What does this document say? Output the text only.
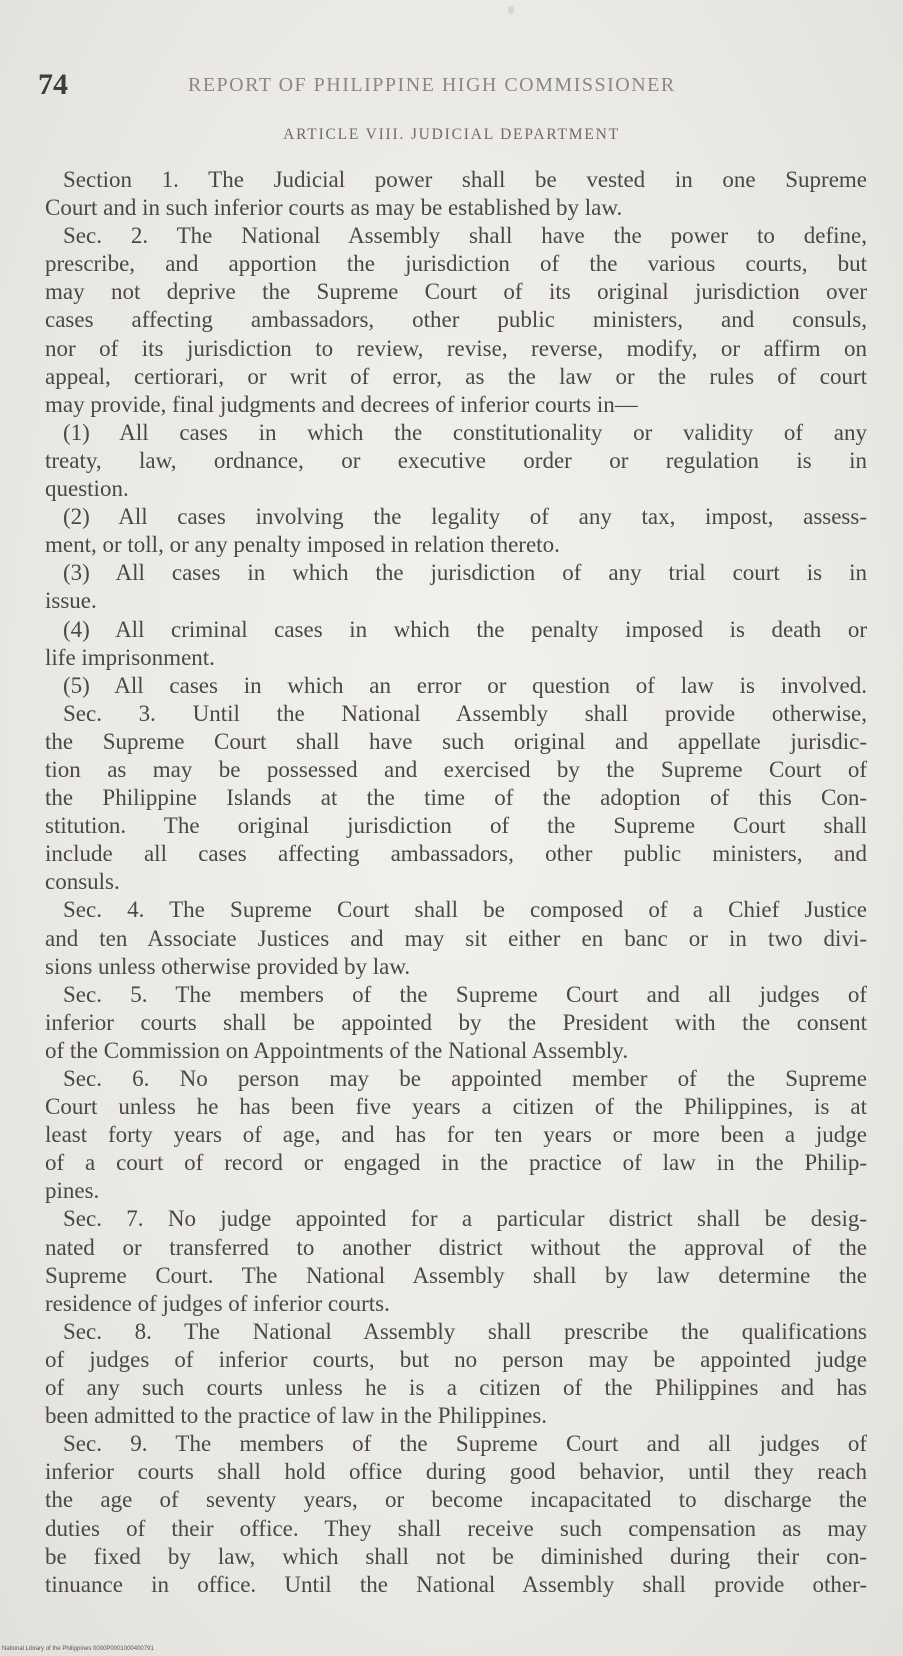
74	REPORT OF PHILIPPINE HIGH COMMISSIONER
ARTICLE VIII. JUDICIAL DEPARTMENT
Section 1. The Judicial power shall be vested in one Supreme
Court and in such inferior courts as may be established by law.
Sec. 2. The National Assembly shall have the power to define,
prescribe, and apportion the jurisdiction of the various courts, but
may not deprive the Supreme Court of its original jurisdiction over
cases affecting ambassadors, other public ministers, and consuls,
nor of its jurisdiction to review, revise, reverse, modify, or affirm on
appeal, certiorari, or writ of error, as the law or the rules of court
may provide, final judgments and decrees of inferior courts in—
(1) All cases in which the constitutionality or validity of any
treaty, law, ordnance, or executive order or regulation is in
question.
(2) All cases involving the legality of any tax, impost, assess-
ment, or toll, or any penalty imposed in relation thereto.
(3) All cases in which the jurisdiction of any trial court is in
issue.
(4) All criminal cases in which the penalty imposed is death or
life imprisonment.
(5) All cases in which an error or question of law is involved.
Sec. 3. Until the National Assembly shall provide otherwise,
the Supreme Court shall have such original and appellate jurisdic-
tion as may be possessed and exercised by the Supreme Court of
the Philippine Islands at the time of the adoption of this Con-
stitution. The original jurisdiction of the Supreme Court shall
include all cases affecting ambassadors, other public ministers, and
consuls.
Sec. 4. The Supreme Court shall be composed of a Chief Justice
and ten Associate Justices and may sit either en banc or in two divi-
sions unless otherwise provided by law.
Sec. 5. The members of the Supreme Court and all judges of
inferior courts shall be appointed by the President with the consent
of the Commission on Appointments of the National Assembly.
Sec. 6. No person may be appointed member of the Supreme
Court unless he has been five years a citizen of the Philippines, is at
least forty years of age, and has for ten years or more been a judge
of a court of record or engaged in the practice of law in the Philip-
pines.
Sec. 7. No judge appointed for a particular district shall be desig-
nated or transferred to another district without the approval of the
Supreme Court. The National Assembly shall by law determine the
residence of judges of inferior courts.
Sec. 8. The National Assembly shall prescribe the qualifications
of judges of inferior courts, but no person may be appointed judge
of any such courts unless he is a citizen of the Philippines and has
been admitted to the practice of law in the Philippines.
Sec. 9. The members of the Supreme Court and all judges of
inferior courts shall hold office during good behavior, until they reach
the age of seventy years, or become incapacitated to discharge the
duties of their office. They shall receive such compensation as may
be fixed by law, which shall not be diminished during their con-
tinuance in office. Until the National Assembly shall provide other-
National Library of the Philippines 0000P0001000400791
